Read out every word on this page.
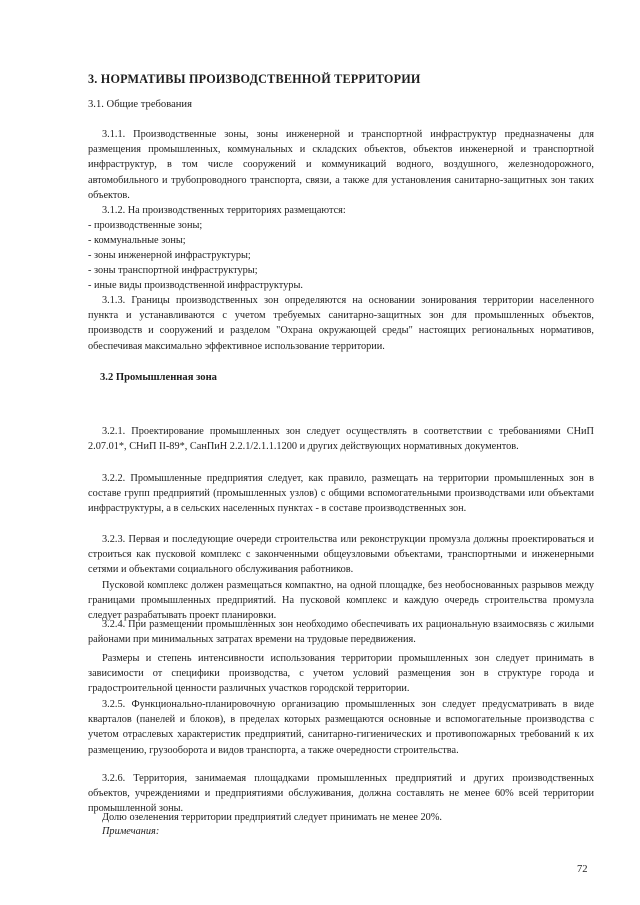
3. НОРМАТИВЫ ПРОИЗВОДСТВЕННОЙ ТЕРРИТОРИИ
3.1. Общие требования

3.1.1. Производственные зоны, зоны инженерной и транспортной инфраструктур предназначены для размещения промышленных, коммунальных и складских объектов, объектов инженерной и транспортной инфраструктур, в том числе сооружений и коммуникаций водного, воздушного, железнодорожного, автомобильного и трубопроводного транспорта, связи, а также для установления санитарно-защитных зон таких объектов.

3.1.2. На производственных территориях размещаются:

- производственные зоны;

- коммунальные зоны;

- зоны инженерной инфраструктуры;

- зоны транспортной инфраструктуры;

- иные виды производственной инфраструктуры.

3.1.3. Границы производственных зон определяются на основании зонирования территории населенного пункта и устанавливаются с учетом требуемых санитарно-защитных зон для промышленных объектов, производств и сооружений и разделом "Охрана окружающей среды" настоящих региональных нормативов, обеспечивая максимально эффективное использование территории.

3.2 Промышленная зона

3.2.1. Проектирование промышленных зон следует осуществлять в соответствии с требованиями СНиП 2.07.01*, СНиП II-89*, СанПиН 2.2.1/2.1.1.1200 и других действующих нормативных документов.

3.2.2. Промышленные предприятия следует, как правило, размещать на территории промышленных зон в составе групп предприятий (промышленных узлов) с общими вспомогательными производствами или объектами инфраструктуры, а в сельских населенных пунктах - в составе производственных зон.

3.2.3. Первая и последующие очереди строительства или реконструкции промузла должны проектироваться и строиться как пусковой комплекс с законченными общеузловыми объектами, транспортными и инженерными сетями и объектами социального обслуживания работников.

Пусковой комплекс должен размещаться компактно, на одной площадке, без необоснованных разрывов между границами промышленных предприятий. На пусковой комплекс и каждую очередь строительства промузла следует разрабатывать проект планировки.

3.2.4. При размещении промышленных зон необходимо обеспечивать их рациональную взаимосвязь с жилыми районами при минимальных затратах времени на трудовые передвижения.

Размеры и степень интенсивности использования территории промышленных зон следует принимать в зависимости от специфики производства, с учетом условий размещения зон в структуре города и градостроительной ценности различных участков городской территории.

3.2.5. Функционально-планировочную организацию промышленных зон следует предусматривать в виде кварталов (панелей и блоков), в пределах которых размещаются основные и вспомогательные производства с учетом отраслевых характеристик предприятий, санитарно-гигиенических и противопожарных требований к их размещению, грузооборота и видов транспорта, а также очередности строительства.

3.2.6. Территория, занимаемая площадками промышленных предприятий и других производственных объектов, учреждениями и предприятиями обслуживания, должна составлять не менее 60% всей территории промышленной зоны.

Долю озеленения территории предприятий следует принимать не менее 20%.

Примечания:
72
